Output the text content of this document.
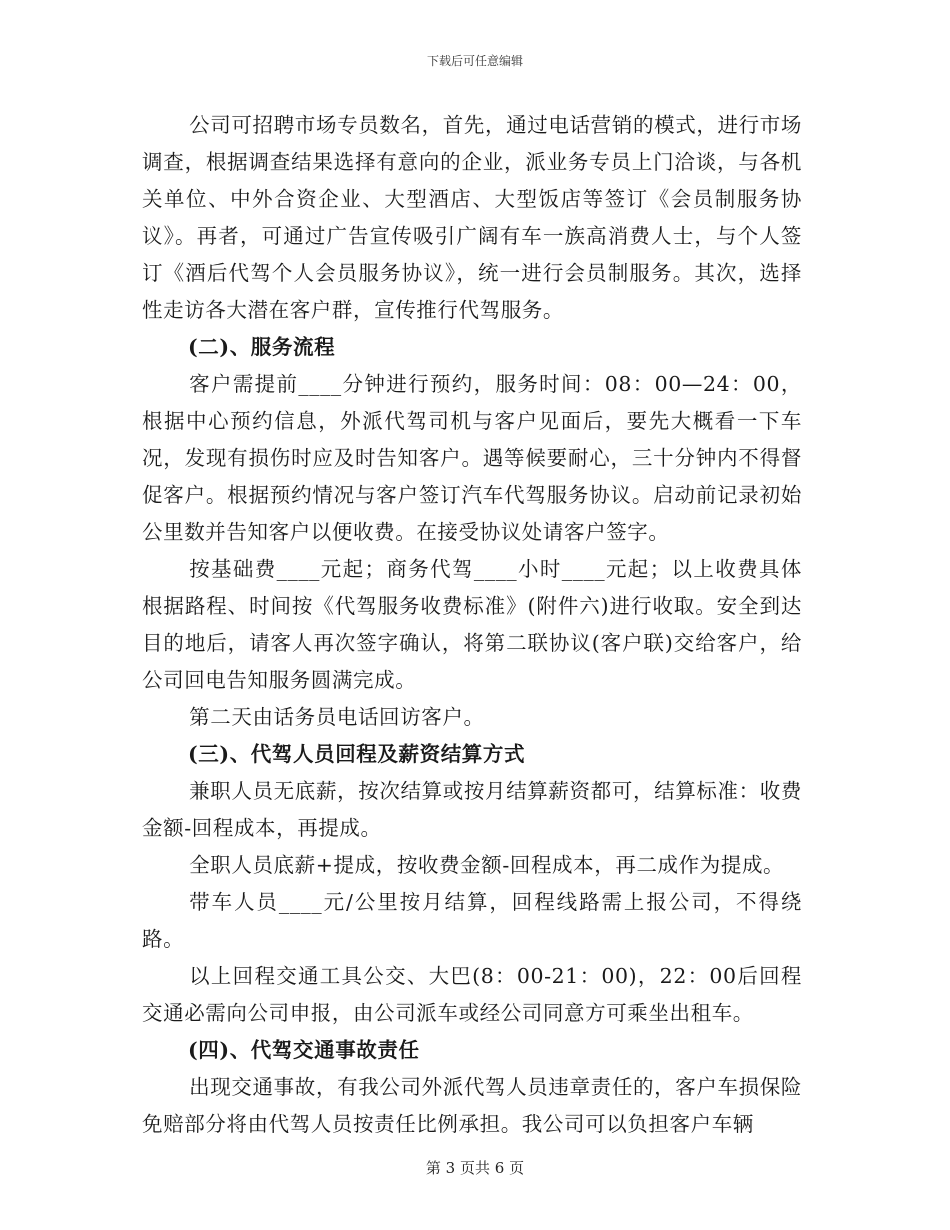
下载后可任意编辑

公司可招聘市场专员数名，首先，通过电话营销的模式，进行市场调查，根据调查结果选择有意向的企业，派业务专员上门洽谈，与各机关单位、中外合资企业、大型酒店、大型饭店等签订《会员制服务协议》。再者，可通过广告宣传吸引广阔有车一族高消费人士，与个人签订《酒后代驾个人会员服务协议》，统一进行会员制服务。其次，选择性走访各大潜在客户群，宣传推行代驾服务。

(二)、服务流程

客户需提前____分钟进行预约，服务时间：08：00—24：00，根据中心预约信息，外派代驾司机与客户见面后，要先大概看一下车况，发现有损伤时应及时告知客户。遇等候要耐心，三十分钟内不得督促客户。根据预约情况与客户签订汽车代驾服务协议。启动前记录初始公里数并告知客户以便收费。在接受协议处请客户签字。

按基础费____元起；商务代驾____小时____元起；以上收费具体根据路程、时间按《代驾服务收费标准》(附件六)进行收取。安全到达目的地后，请客人再次签字确认，将第二联协议(客户联)交给客户，给公司回电告知服务圆满完成。

第二天由话务员电话回访客户。

(三)、代驾人员回程及薪资结算方式

兼职人员无底薪，按次结算或按月结算薪资都可，结算标准：收费金额-回程成本，再提成。

全职人员底薪+提成，按收费金额-回程成本，再二成作为提成。

带车人员____元/公里按月结算，回程线路需上报公司，不得绕路。

以上回程交通工具公交、大巴(8：00-21：00)，22：00后回程交通必需向公司申报，由公司派车或经公司同意方可乘坐出租车。

(四)、代驾交通事故责任

出现交通事故，有我公司外派代驾人员违章责任的，客户车损保险免赔部分将由代驾人员按责任比例承担。我公司可以负担客户车辆

第 3 页共 6 页
